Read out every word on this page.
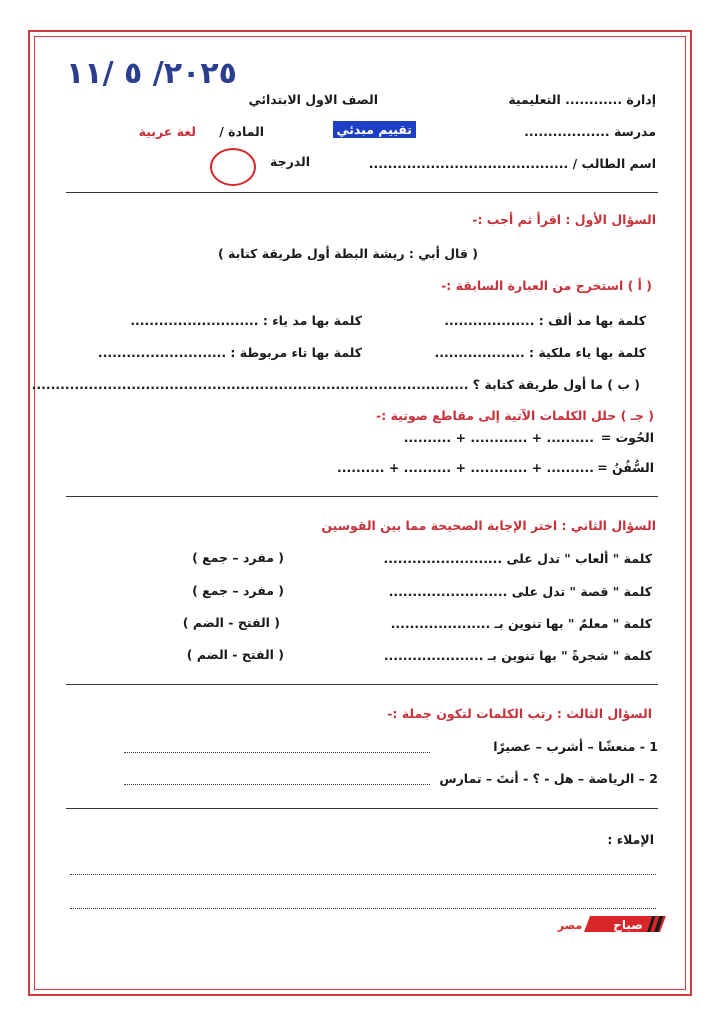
٢٠٢٥/ ٥ /١١
إدارة ............ التعليمية
الصف الاول الابتدائي
مدرسة ..................
تقييم مبدئي
المادة /
لغة عربية
اسم الطالب / ..........................................
الدرجة
السؤال الأول : اقرأ ثم أجب :-
( قال أبي : ريشة البطة أول طريقة كتابة )
( أ ) استخرج من العبارة السابقة :-
كلمة بها مد ألف : ...................
كلمة بها مد ياء : ...........................
كلمة بها ياء ملكية : ...................
كلمة بها تاء مربوطة : ...........................
( ب ) ما أول طريقة كتابة ؟ ............................................................................................
( جـ ) حلل الكلمات الآتية إلى مقاطع صوتية :-
الحُوت =
.......... + ............ + ..........
السُّفُنُ =
.......... + ............ + .......... + ..........
السؤال الثاني : اختر الإجابة الصحيحة مما بين القوسين
كلمة " ألعاب " تدل على .........................
( مفرد – جمع )
كلمة " قصة " تدل على .........................
( مفرد – جمع )
كلمة " معلمٌ " بها تنوين بـ .....................
( الفتح - الضم )
كلمة " شجرةً " بها تنوين بـ .....................
( الفتح - الضم )
السؤال الثالث : رتب الكلمات لتكون جملة :-
1 - منعشًا – أشرب – عصيرًا
2 – الرياضة – هل - ؟ - أنتَ – تمارس
الإملاء :
صباح
مصر
